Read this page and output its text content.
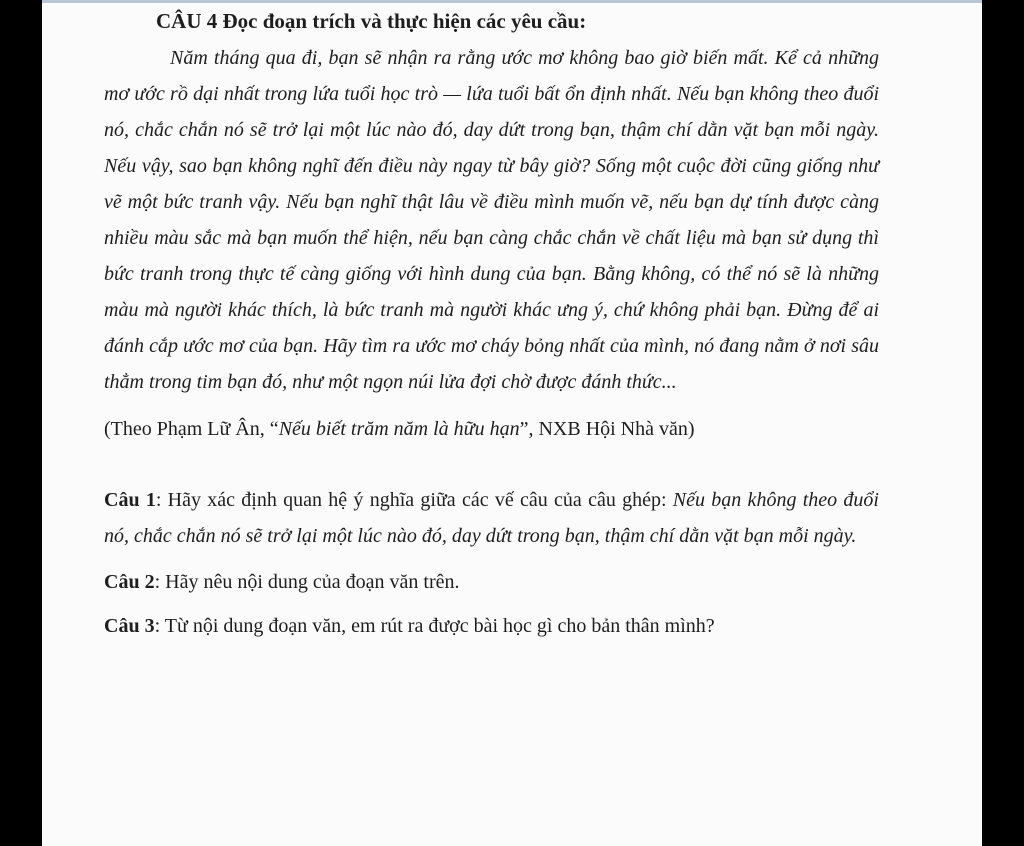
CÂU 4 Đọc đoạn trích và thực hiện các yêu cầu:

Năm tháng qua đi, bạn sẽ nhận ra rằng ước mơ không bao giờ biến mất. Kể cả những mơ ước rồ dại nhất trong lứa tuổi học trò — lứa tuổi bất ổn định nhất. Nếu bạn không theo đuổi nó, chắc chắn nó sẽ trở lại một lúc nào đó, day dứt trong bạn, thậm chí dằn vặt bạn mỗi ngày. Nếu vậy, sao bạn không nghĩ đến điều này ngay từ bây giờ? Sống một cuộc đời cũng giống như vẽ một bức tranh vậy. Nếu bạn nghĩ thật lâu về điều mình muốn vẽ, nếu bạn dự tính được càng nhiều màu sắc mà bạn muốn thể hiện, nếu bạn càng chắc chắn về chất liệu mà bạn sử dụng thì bức tranh trong thực tế càng giống với hình dung của bạn. Bằng không, có thể nó sẽ là những màu mà người khác thích, là bức tranh mà người khác ưng ý, chứ không phải bạn. Đừng để ai đánh cắp ước mơ của bạn. Hãy tìm ra ước mơ cháy bỏng nhất của mình, nó đang nằm ở nơi sâu thẳm trong tim bạn đó, như một ngọn núi lửa đợi chờ được đánh thức...

(Theo Phạm Lữ Ân, “Nếu biết trăm năm là hữu hạn”, NXB Hội Nhà văn)

Câu 1: Hãy xác định quan hệ ý nghĩa giữa các vế câu của câu ghép: Nếu bạn không theo đuổi nó, chắc chắn nó sẽ trở lại một lúc nào đó, day dứt trong bạn, thậm chí dằn vặt bạn mỗi ngày.

Câu 2: Hãy nêu nội dung của đoạn văn trên.

Câu 3: Từ nội dung đoạn văn, em rút ra được bài học gì cho bản thân mình?
